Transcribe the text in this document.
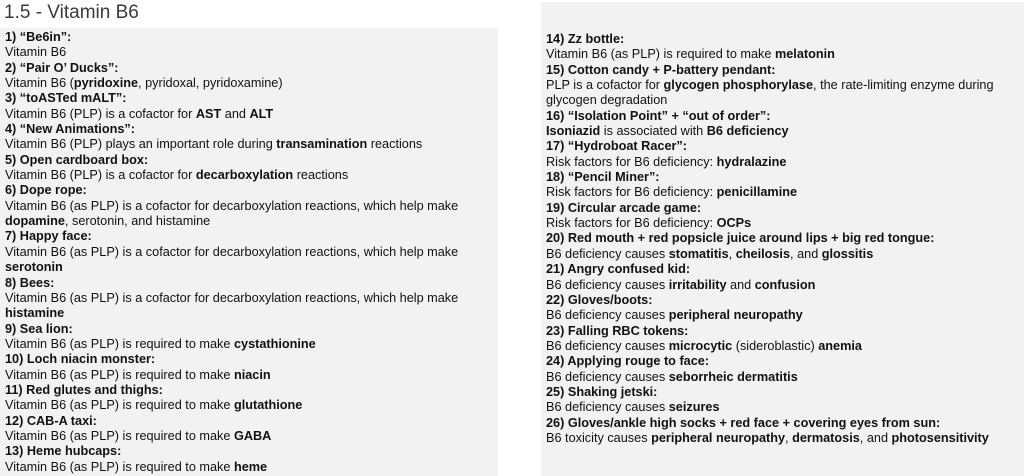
1.5 - Vitamin B6
1) “Be6in”:
Vitamin B6
2) “Pair O’ Ducks”:
Vitamin B6 (pyridoxine, pyridoxal, pyridoxamine)
3) “toASTed mALT”:
Vitamin B6 (PLP) is a cofactor for AST and ALT
4) “New Animations”:
Vitamin B6 (PLP) plays an important role during transamination reactions
5) Open cardboard box:
Vitamin B6 (PLP) is a cofactor for decarboxylation reactions
6) Dope rope:
Vitamin B6 (as PLP) is a cofactor for decarboxylation reactions, which help make dopamine, serotonin, and histamine
7) Happy face:
Vitamin B6 (as PLP) is a cofactor for decarboxylation reactions, which help make serotonin
8) Bees:
Vitamin B6 (as PLP) is a cofactor for decarboxylation reactions, which help make histamine
9) Sea lion:
Vitamin B6 (as PLP) is required to make cystathionine
10) Loch niacin monster:
Vitamin B6 (as PLP) is required to make niacin
11) Red glutes and thighs:
Vitamin B6 (as PLP) is required to make glutathione
12) CAB-A taxi:
Vitamin B6 (as PLP) is required to make GABA
13) Heme hubcaps:
Vitamin B6 (as PLP) is required to make heme
14) Zz bottle:
Vitamin B6 (as PLP) is required to make melatonin
15) Cotton candy + P-battery pendant:
PLP is a cofactor for glycogen phosphorylase, the rate-limiting enzyme during glycogen degradation
16) “Isolation Point” + “out of order”:
Isoniazid is associated with B6 deficiency
17) “Hydroboat Racer”:
Risk factors for B6 deficiency: hydralazine
18) “Pencil Miner”:
Risk factors for B6 deficiency: penicillamine
19) Circular arcade game:
Risk factors for B6 deficiency: OCPs
20) Red mouth + red popsicle juice around lips + big red tongue:
B6 deficiency causes stomatitis, cheilosis, and glossitis
21) Angry confused kid:
B6 deficiency causes irritability and confusion
22) Gloves/boots:
B6 deficiency causes peripheral neuropathy
23) Falling RBC tokens:
B6 deficiency causes microcytic (sideroblastic) anemia
24) Applying rouge to face:
B6 deficiency causes seborrheic dermatitis
25) Shaking jetski:
B6 deficiency causes seizures
26) Gloves/ankle high socks + red face + covering eyes from sun:
B6 toxicity causes peripheral neuropathy, dermatosis, and photosensitivity
